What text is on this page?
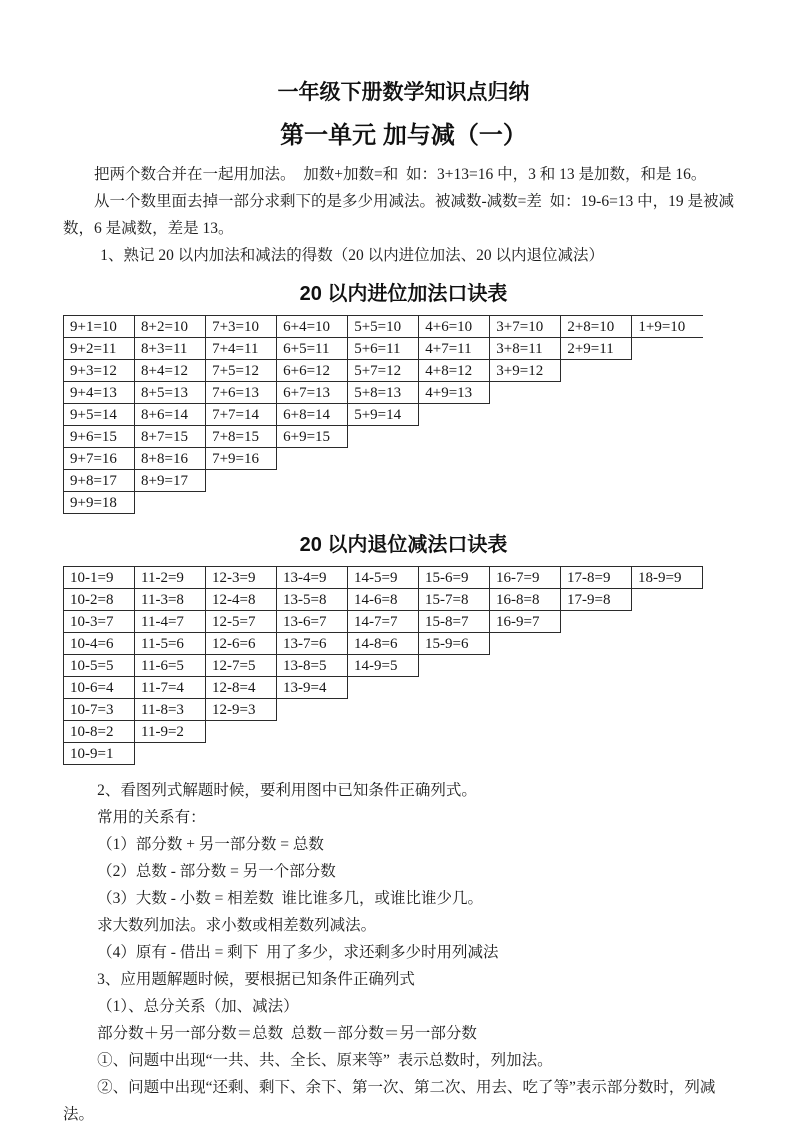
一年级下册数学知识点归纳
第一单元 加与减（一）

把两个数合并在一起用加法。  加数+加数=和  如：3+13=16 中，3 和 13 是加数，和是 16。

从一个数里面去掉一部分求剩下的是多少用减法。被减数-减数=差  如：19-6=13 中，19 是被减数，6 是减数，差是 13。

1、熟记 20 以内加法和减法的得数（20 以内进位加法、20 以内退位减法）

20 以内进位加法口诀表
9+1=10	8+2=10	7+3=10	6+4=10	5+5=10	4+6=10	3+7=10	2+8=10	1+9=10
9+2=11	8+3=11	7+4=11	6+5=11	5+6=11	4+7=11	3+8=11	2+9=11	
9+3=12	8+4=12	7+5=12	6+6=12	5+7=12	4+8=12	3+9=12		
9+4=13	8+5=13	7+6=13	6+7=13	5+8=13	4+9=13			
9+5=14	8+6=14	7+7=14	6+8=14	5+9=14				
9+6=15	8+7=15	7+8=15	6+9=15					
9+7=16	8+8=16	7+9=16						
9+8=17	8+9=17							
9+9=18								
20 以内退位减法口诀表
10-1=9	11-2=9	12-3=9	13-4=9	14-5=9	15-6=9	16-7=9	17-8=9	18-9=9
10-2=8	11-3=8	12-4=8	13-5=8	14-6=8	15-7=8	16-8=8	17-9=8	
10-3=7	11-4=7	12-5=7	13-6=7	14-7=7	15-8=7	16-9=7		
10-4=6	11-5=6	12-6=6	13-7=6	14-8=6	15-9=6			
10-5=5	11-6=5	12-7=5	13-8=5	14-9=5				
10-6=4	11-7=4	12-8=4	13-9=4					
10-7=3	11-8=3	12-9=3						
10-8=2	11-9=2							
10-9=1								

2、看图列式解题时候，要利用图中已知条件正确列式。

常用的关系有：

（1）部分数 + 另一部分数 = 总数

（2）总数 - 部分数 = 另一个部分数

（3）大数 - 小数 = 相差数  谁比谁多几，或谁比谁少几。

求大数列加法。求小数或相差数列减法。

（4）原有 - 借出 = 剩下  用了多少，求还剩多少时用列减法

3、应用题解题时候，要根据已知条件正确列式

（1）、总分关系（加、减法）

部分数＋另一部分数＝总数  总数－部分数＝另一部分数

①、问题中出现“一共、共、全长、原来等”  表示总数时，列加法。

②、问题中出现“还剩、剩下、余下、第一次、第二次、用去、吃了等”表示部分数时，列减法。
